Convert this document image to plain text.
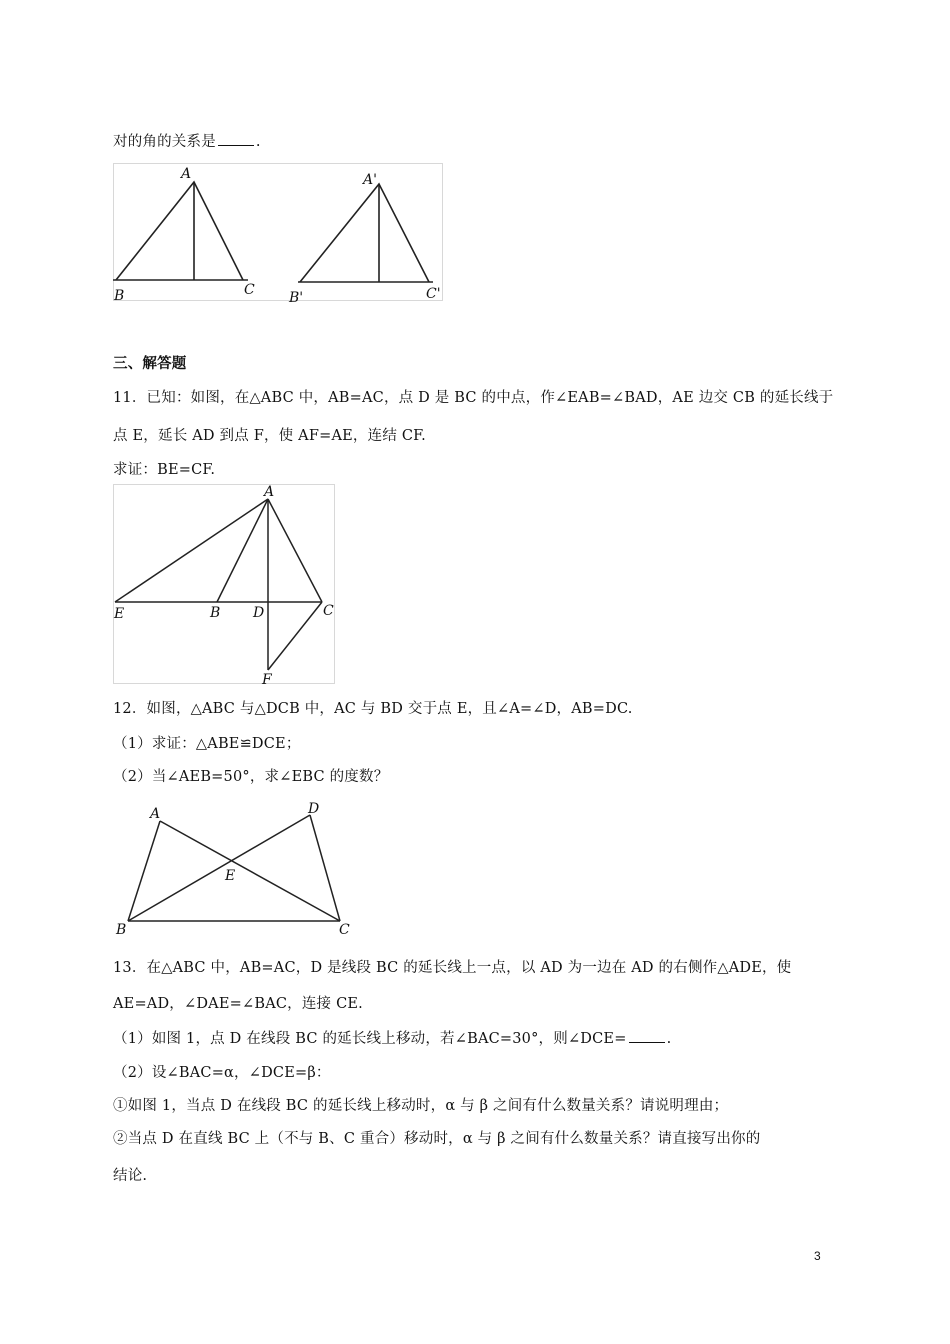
对的角的关系是	.
A
B	C
A'
B'	C'
三、解答题
11．已知：如图，在△ABC 中，AB=AC，点 D 是 BC 的中点，作∠EAB=∠BAD，AE 边交 CB 的延长线于
点 E，延长 AD 到点 F，使 AF=AE，连结 CF.
求证：BE=CF.
A
E	B D	C
F
12．如图，△ABC 与△DCB 中，AC 与 BD 交于点 E，且∠A=∠D，AB=DC.
（1）求证：△ABE≌DCE；
（2）当∠AEB=50°，求∠EBC 的度数？
A	D
E
B	C
13．在△ABC 中，AB=AC，D 是线段 BC 的延长线上一点，以 AD 为一边在 AD 的右侧作△ADE，使
AE=AD，∠DAE=∠BAC，连接 CE.
（1）如图 1，点 D 在线段 BC 的延长线上移动，若∠BAC=30°，则∠DCE=	.
（2）设∠BAC=α，∠DCE=β：
①如图 1，当点 D 在线段 BC 的延长线上移动时，α 与 β 之间有什么数量关系？请说明理由；
②当点 D 在直线 BC 上（不与 B、C 重合）移动时，α 与 β 之间有什么数量关系？请直接写出你的
结论.
3
